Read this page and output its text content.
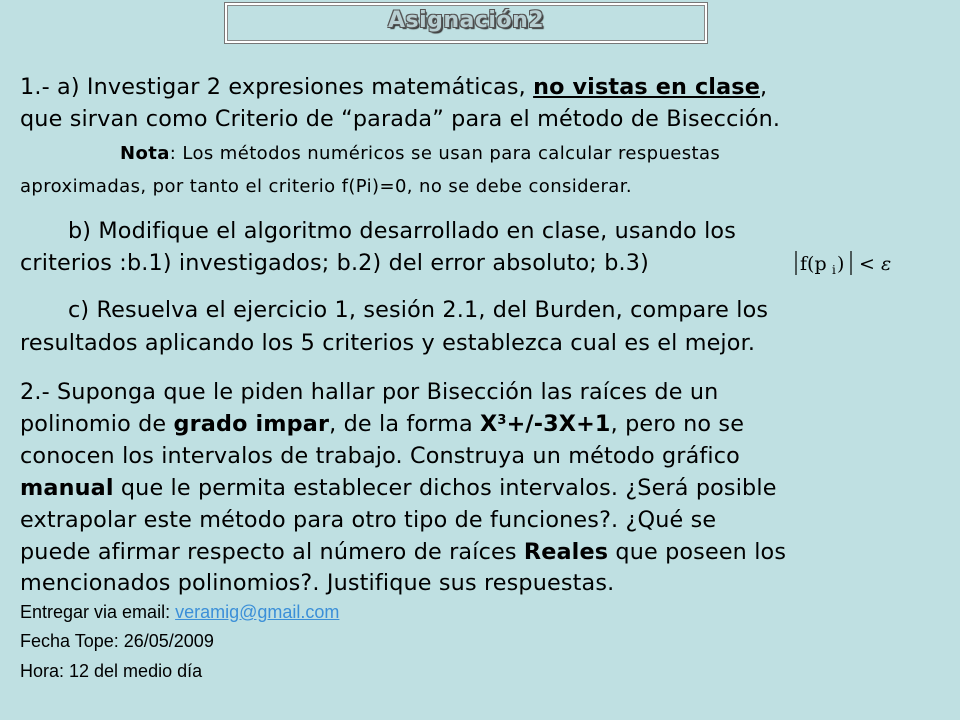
Asignación2
1.- a) Investigar 2 expresiones matemáticas, no vistas en clase,
que sirvan como Criterio de “parada” para el método de Bisección.
Nota: Los métodos numéricos se usan para calcular respuestas
aproximadas, por tanto el criterio f(Pi)=0, no se debe considerar.
b) Modifique el algoritmo desarrollado en clase, usando los
criterios :b.1) investigados; b.2) del error absoluto; b.3)	f(p i ) < ε
c) Resuelva el ejercicio 1, sesión 2.1, del Burden, compare los
resultados aplicando los 5 criterios y establezca cual es el mejor.
2.- Suponga que le piden hallar por Bisección las raíces de un
polinomio de grado impar, de la forma $X^3+/-3X+1$, pero no se
conocen los intervalos de trabajo. Construya un método gráfico
manual que le permita establecer dichos intervalos. ¿Será posible
extrapolar este método para otro tipo de funciones?. ¿Qué se
puede afirmar respecto al número de raíces Reales que poseen los
mencionados polinomios?. Justifique sus respuestas.
Entregar via email: veramig@gmail.com
Fecha Tope: 26/05/2009
Hora: 12 del medio día
